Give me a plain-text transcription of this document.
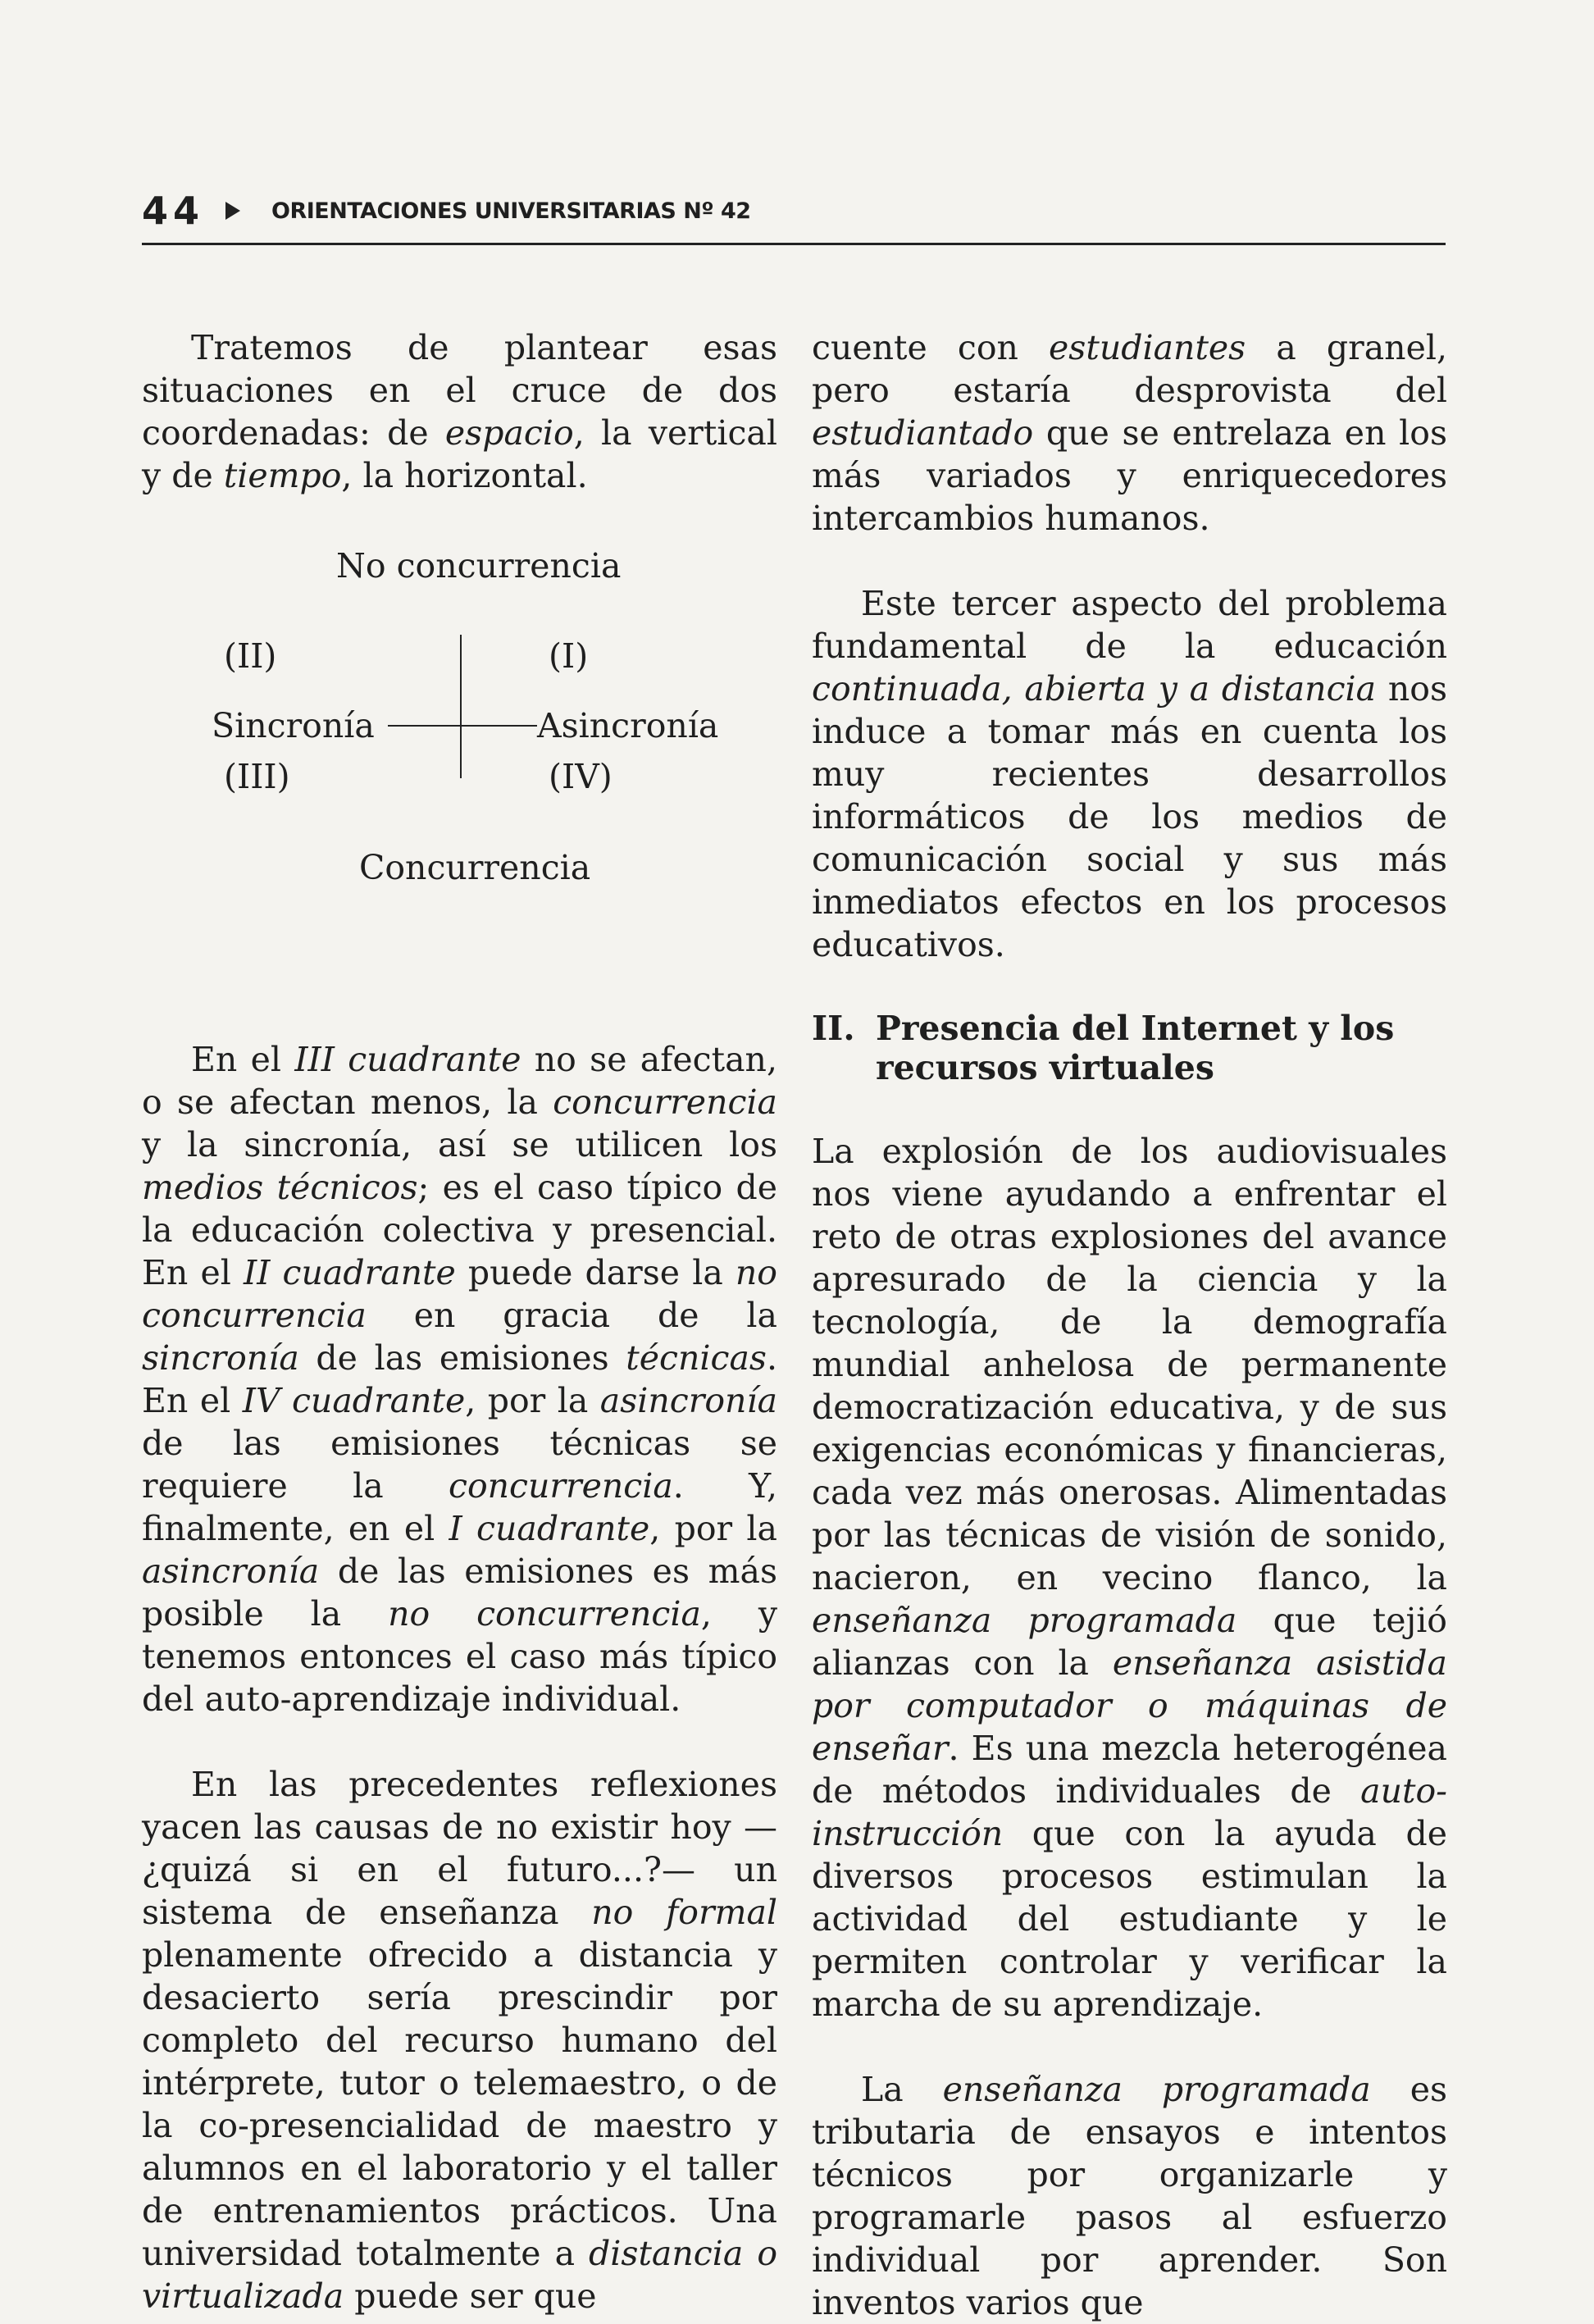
44	ORIENTACIONES UNIVERSITARIAS Nº 42

Tratemos de plantear esas situaciones en el cruce de dos coordenadas: de espacio, la vertical y de tiempo, la horizontal.

No concurrencia
(II)	(I)
Sincronía	Asincronía
(III)	(IV)
Concurrencia

En el III cuadrante no se afectan, o se afectan menos, la concurrencia y la sincronía, así se utilicen los medios técnicos; es el caso típico de la educación colectiva y presencial. En el II cuadrante puede darse la no concurrencia en gracia de la sincronía de las emisiones técnicas. En el IV cuadrante, por la asincronía de las emisiones técnicas se requiere la concurrencia. Y, finalmente, en el I cuadrante, por la asincronía de las emisiones es más posible la no concurrencia, y tenemos entonces el caso más típico del auto-aprendizaje individual.

En las precedentes reflexiones yacen las causas de no existir hoy —¿quizá si en el futuro...?— un sistema de enseñanza no formal plenamente ofrecido a distancia y desacierto sería prescindir por completo del recurso humano del intérprete, tutor o telemaestro, o de la co-presencialidad de maestro y alumnos en el laboratorio y el taller de entrenamientos prácticos. Una universidad totalmente a distancia o virtualizada puede ser que

cuente con estudiantes a granel, pero estaría desprovista del estudiantado que se entrelaza en los más variados y enriquecedores intercambios humanos.

Este tercer aspecto del problema fundamental de la educación continuada, abierta y a distancia nos induce a tomar más en cuenta los muy recientes desarrollos informáticos de los medios de comunicación social y sus más inmediatos efectos en los procesos educativos.

II. Presencia del Internet y los recursos virtuales

La explosión de los audiovisuales nos viene ayudando a enfrentar el reto de otras explosiones del avance apresurado de la ciencia y la tecnología, de la demografía mundial anhelosa de permanente democratización educativa, y de sus exigencias económicas y financieras, cada vez más onerosas. Alimentadas por las técnicas de visión de sonido, nacieron, en vecino flanco, la enseñanza programada que tejió alianzas con la enseñanza asistida por computador o máquinas de enseñar. Es una mezcla heterogénea de métodos individuales de auto-instrucción que con la ayuda de diversos procesos estimulan la actividad del estudiante y le permiten controlar y verificar la marcha de su aprendizaje.

La enseñanza programada es tributaria de ensayos e intentos técnicos por organizarle y programarle pasos al esfuerzo individual por aprender. Son inventos varios que
